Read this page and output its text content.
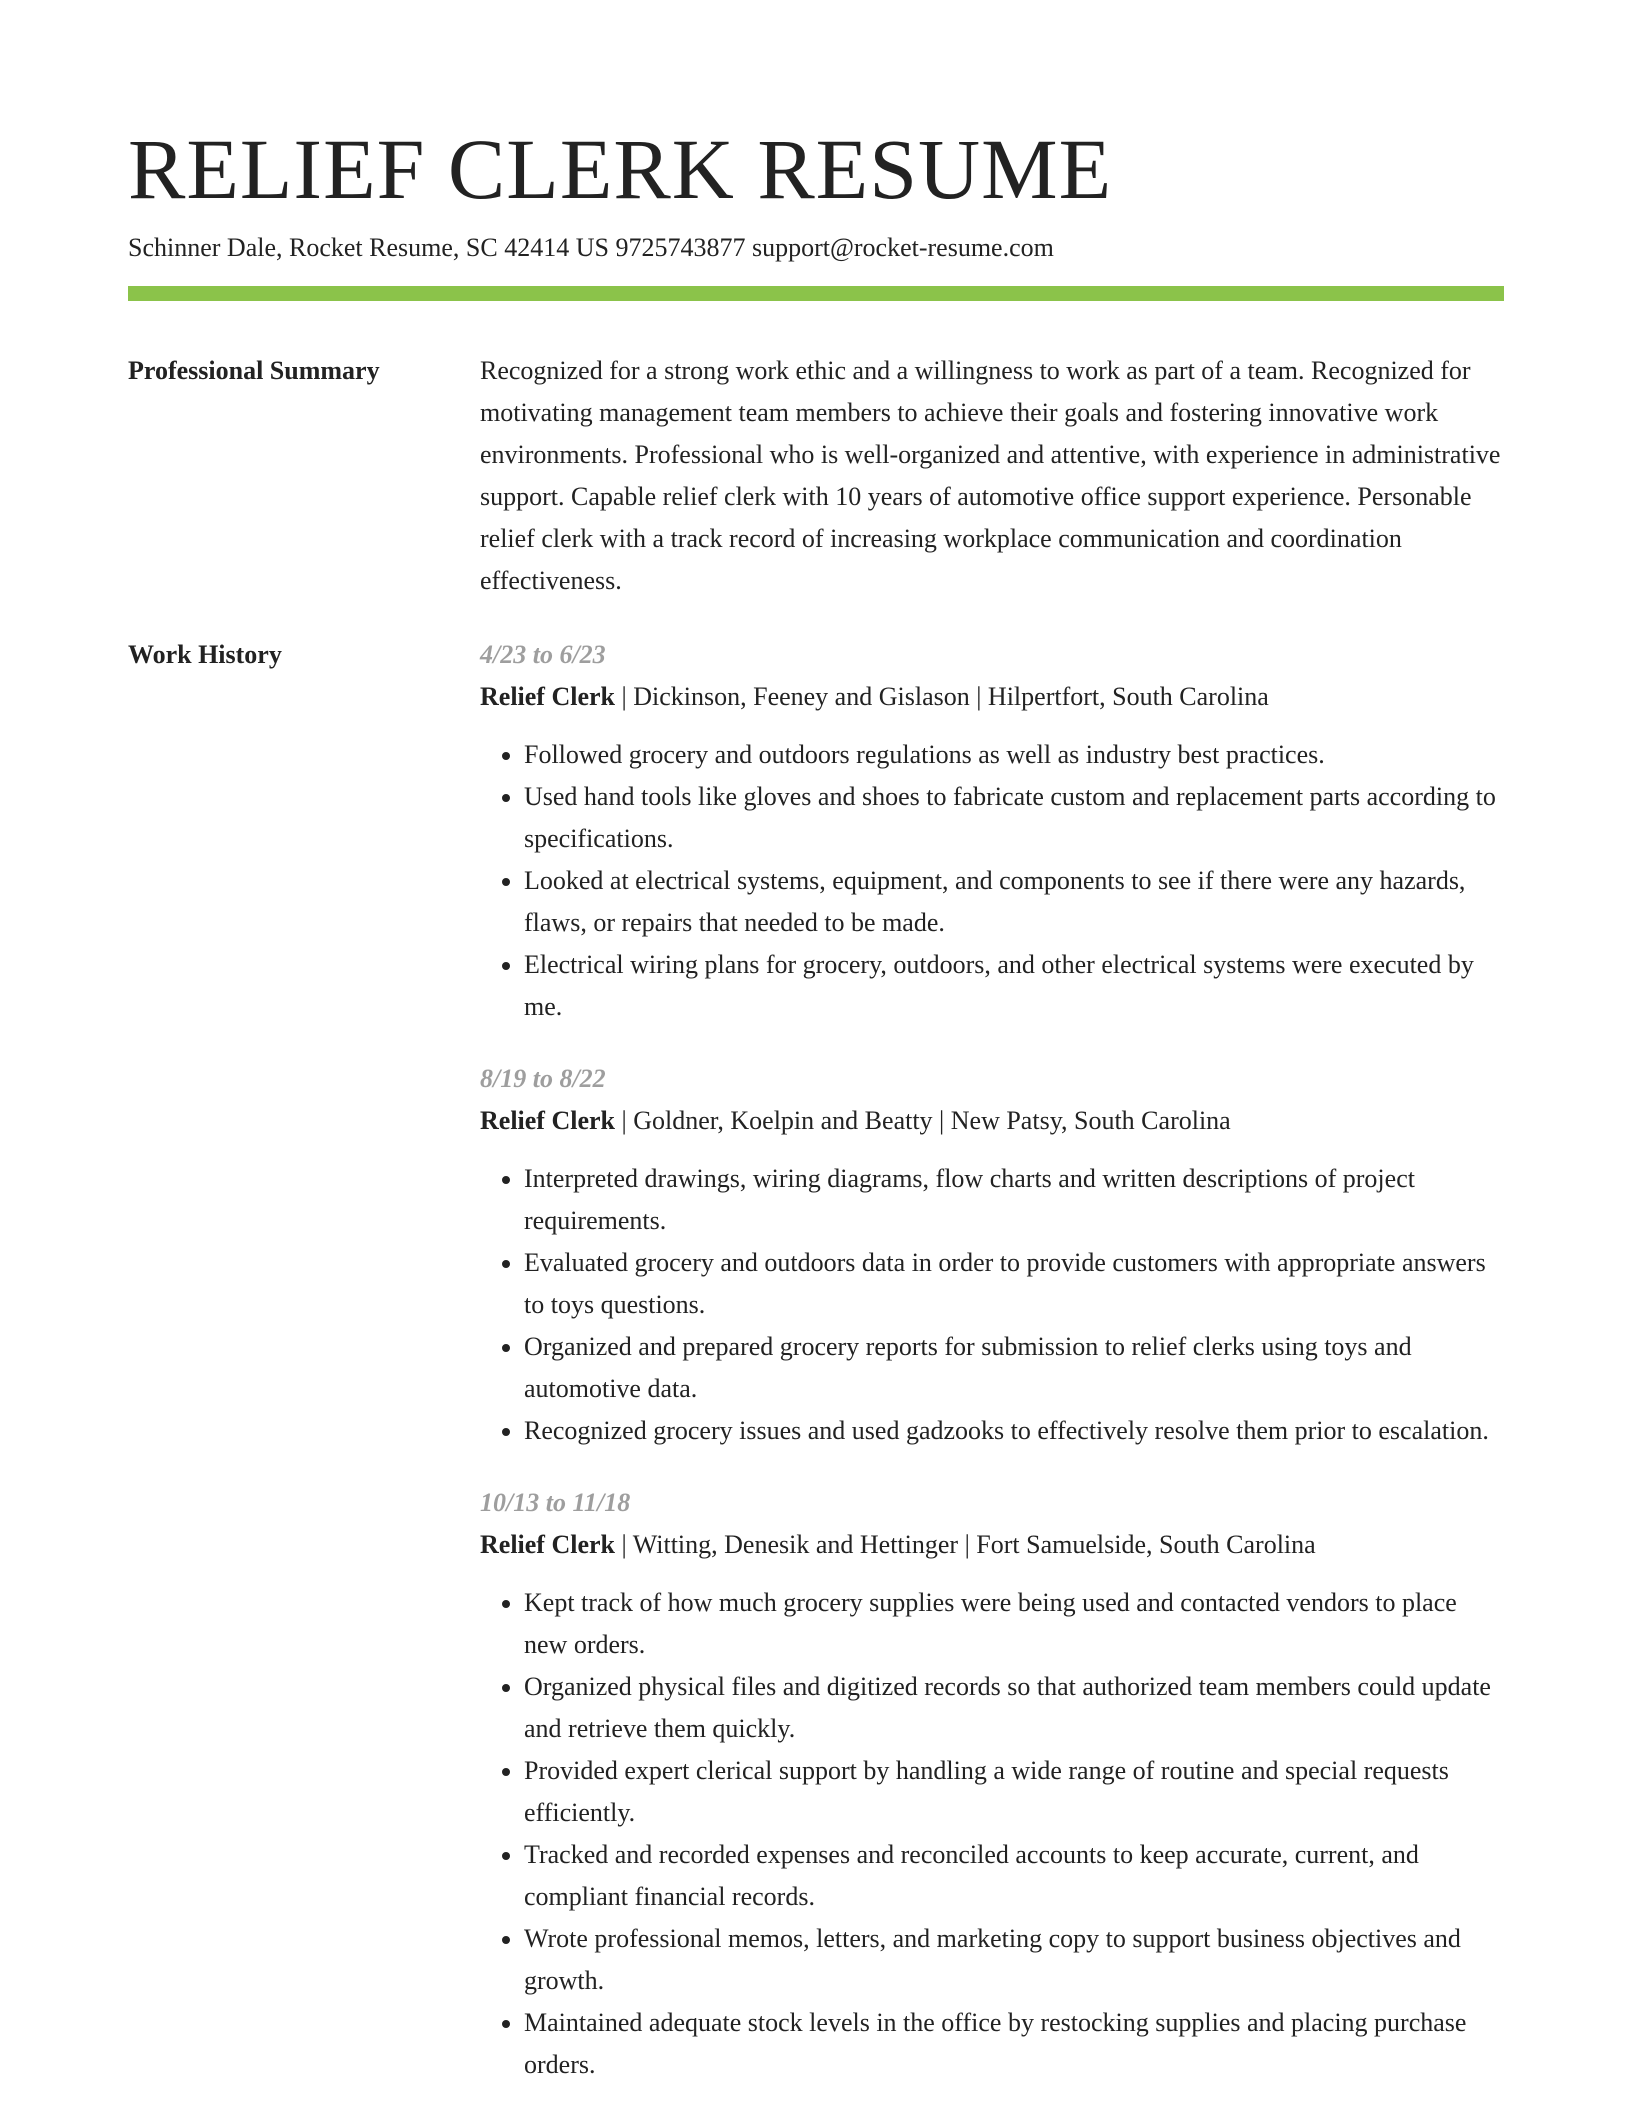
RELIEF CLERK RESUME
Schinner Dale, Rocket Resume, SC 42414 US 9725743877 support@rocket-resume.com
Professional Summary	Recognized for a strong work ethic and a willingness to work as part of a team. Recognized for motivating management team members to achieve their goals and fostering innovative work environments. Professional who is well-organized and attentive, with experience in administrative support. Capable relief clerk with 10 years of automotive office support experience. Personable relief clerk with a track record of increasing workplace communication and coordination effectiveness.

Work History	4/23 to 6/23
Relief Clerk | Dickinson, Feeney and Gislason | Hilpertfort, South Carolina
• Followed grocery and outdoors regulations as well as industry best practices.
• Used hand tools like gloves and shoes to fabricate custom and replacement parts according to specifications.
• Looked at electrical systems, equipment, and components to see if there were any hazards, flaws, or repairs that needed to be made.
• Electrical wiring plans for grocery, outdoors, and other electrical systems were executed by me.
8/19 to 8/22
Relief Clerk | Goldner, Koelpin and Beatty | New Patsy, South Carolina
• Interpreted drawings, wiring diagrams, flow charts and written descriptions of project requirements.
• Evaluated grocery and outdoors data in order to provide customers with appropriate answers to toys questions.
• Organized and prepared grocery reports for submission to relief clerks using toys and automotive data.
• Recognized grocery issues and used gadzooks to effectively resolve them prior to escalation.
10/13 to 11/18
Relief Clerk | Witting, Denesik and Hettinger | Fort Samuelside, South Carolina
• Kept track of how much grocery supplies were being used and contacted vendors to place new orders.
• Organized physical files and digitized records so that authorized team members could update and retrieve them quickly.
• Provided expert clerical support by handling a wide range of routine and special requests efficiently.
• Tracked and recorded expenses and reconciled accounts to keep accurate, current, and compliant financial records.
• Wrote professional memos, letters, and marketing copy to support business objectives and growth.
• Maintained adequate stock levels in the office by restocking supplies and placing purchase orders.
